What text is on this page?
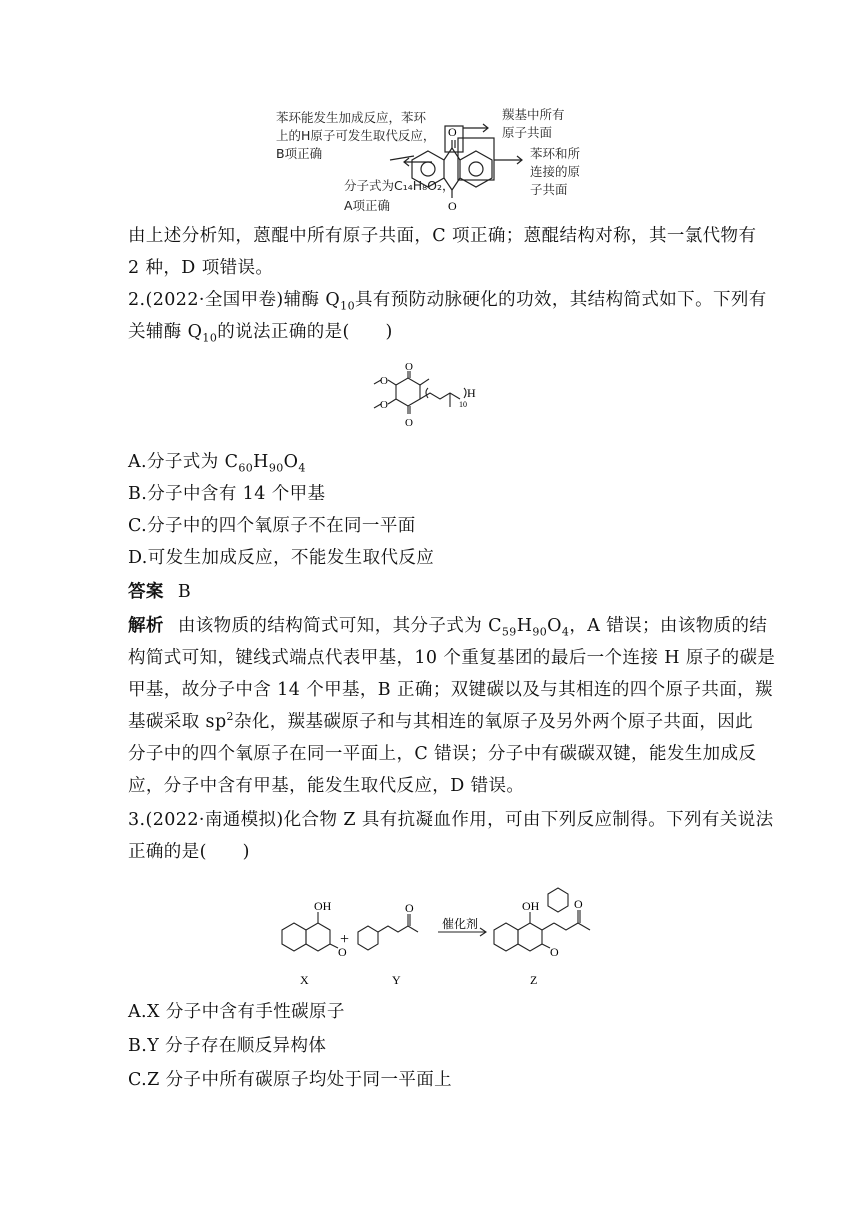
苯环能发生加成反应，苯环
上的H原子可发生取代反应，
B项正确
羰基中所有
原子共面
苯环和所
连接的原
子共面
分子式为C₁₄H₈O₂，
A项正确
O
O
由上述分析知，蒽醌中所有原子共面，C 项正确；蒽醌结构对称，其一氯代物有
2 种，D 项错误。
2.(2022·全国甲卷)辅酶 $Q_{10}$具有预防动脉硬化的功效，其结构简式如下。下列有
关辅酶 $Q_{10}$的说法正确的是(　　)
O
O
O
O
H
10
A.分子式为 $C_{60}H_{90}O_4$
B.分子中含有 14 个甲基
C.分子中的四个氧原子不在同一平面
D.可发生加成反应，不能发生取代反应
答案 B
解析 由该物质的结构简式可知，其分子式为 $C_{59}H_{90}O_4$，A 错误；由该物质的结
构简式可知，键线式端点代表甲基，10 个重复基团的最后一个连接 H 原子的碳是
甲基，故分子中含 14 个甲基，B 正确；双键碳以及与其相连的四个原子共面，羰
基碳采取 $sp^2$杂化，羰基碳原子和与其相连的氧原子及另外两个原子共面，因此
分子中的四个氧原子在同一平面上，C 错误；分子中有碳碳双键，能发生加成反
应，分子中含有甲基，能发生取代反应，D 错误。
3.(2022·南通模拟)化合物 Z 具有抗凝血作用，可由下列反应制得。下列有关说法
正确的是(　　)
OH
O
+
O
催化剂
OH
O
O
X	Y	Z
A.X 分子中含有手性碳原子
B.Y 分子存在顺反异构体
C.Z 分子中所有碳原子均处于同一平面上
